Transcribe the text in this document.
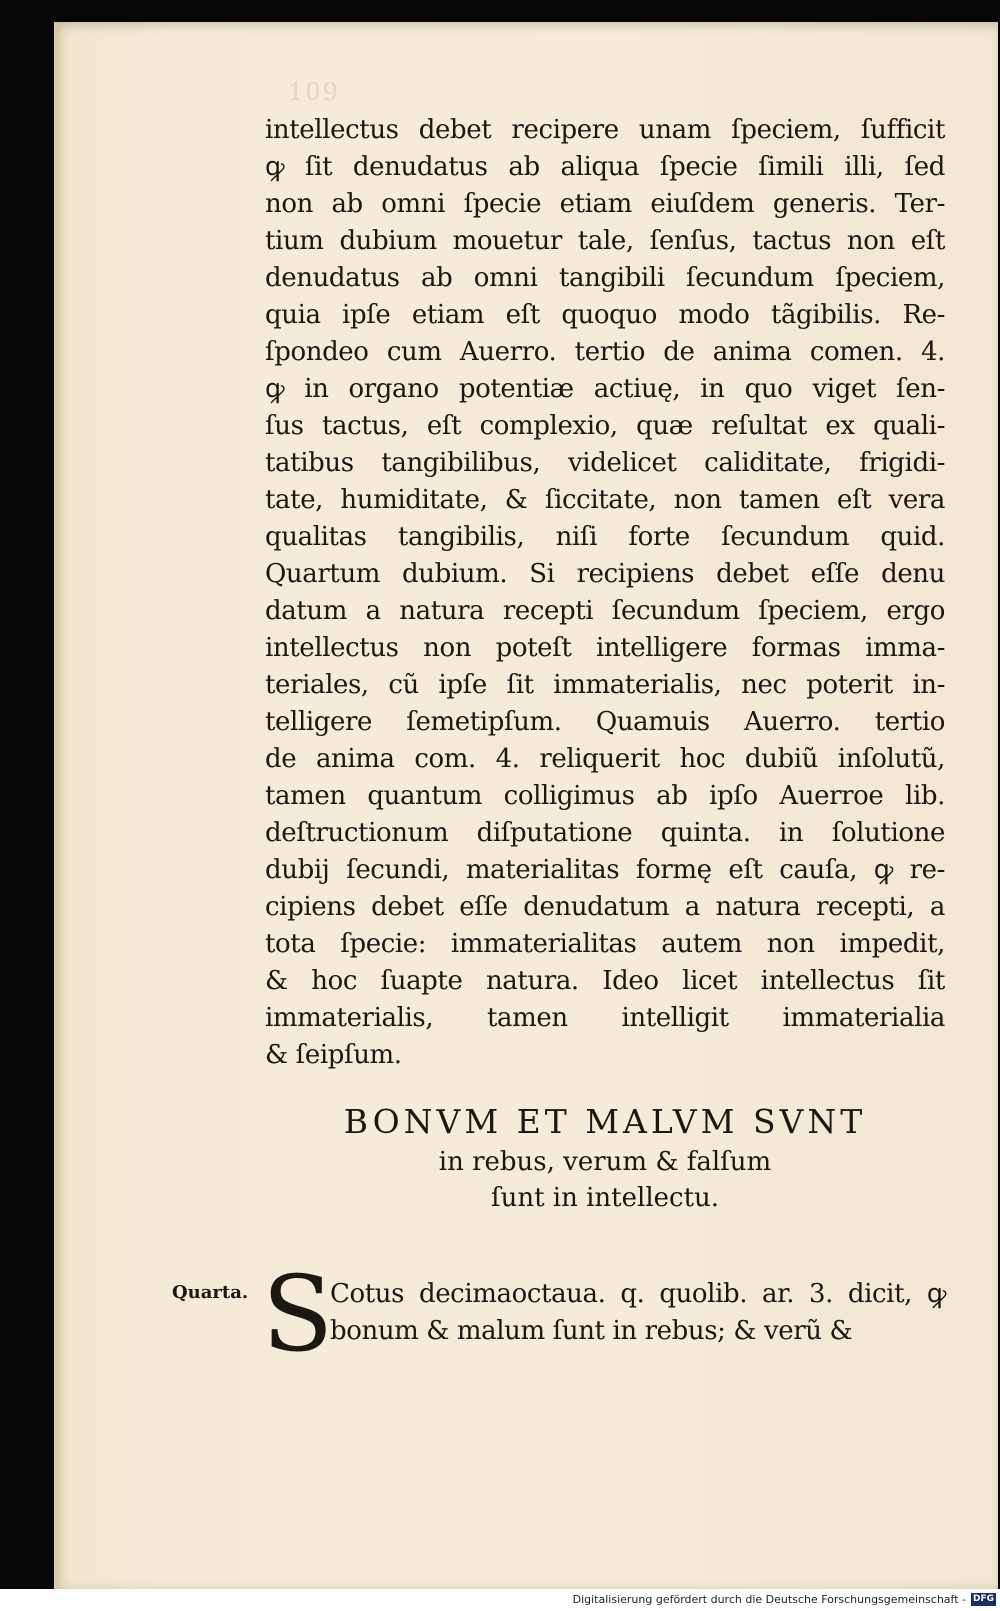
109
intellectus debet recipere unam ſpeciem, ſufficit
ꝙ ſit denudatus ab aliqua ſpecie ſimili illi, ſed
non ab omni ſpecie etiam eiuſdem generis. Ter-
tium dubium mouetur tale, ſenſus, tactus non eſt
denudatus ab omni tangibili ſecundum ſpeciem,
quia ipſe etiam eſt quoquo modo tãgibilis. Re-
ſpondeo cum Auerro. tertio de anima comen. 4.
ꝙ in organo potentiæ actiuę, in quo viget ſen-
ſus tactus, eſt complexio, quæ reſultat ex quali-
tatibus tangibilibus, videlicet caliditate, frigidi-
tate, humiditate, & ſiccitate, non tamen eſt vera
qualitas tangibilis, niſi forte ſecundum quid.
Quartum dubium. Si recipiens debet eſſe denu
datum a natura recepti ſecundum ſpeciem, ergo
intellectus non poteſt intelligere formas imma-
teriales, cũ ipſe ſit immaterialis, nec poterit in-
telligere ſemetipſum. Quamuis Auerro. tertio
de anima com. 4. reliquerit hoc dubiũ inſolutũ,
tamen quantum colligimus ab ipſo Auerroe lib.
deſtructionum diſputatione quinta. in ſolutione
dubij ſecundi, materialitas formę eſt cauſa, ꝙ re-
cipiens debet eſſe denudatum a natura recepti, a
tota ſpecie: immaterialitas autem non impedit,
& hoc ſuapte natura. Ideo licet intellectus ſit
immaterialis, tamen intelligit immaterialia
& ſeipſum.
BONVM ET MALVM SVNT
in rebus, verum & falſum
ſunt in intellectu.
Quarta. S
Cotus decimaoctaua. q. quolib. ar. 3. dicit, ꝙ
bonum & malum ſunt in rebus; & verũ &
Digitalisierung gefördert durch die Deutsche Forschungsgemeinschaft - DFG
